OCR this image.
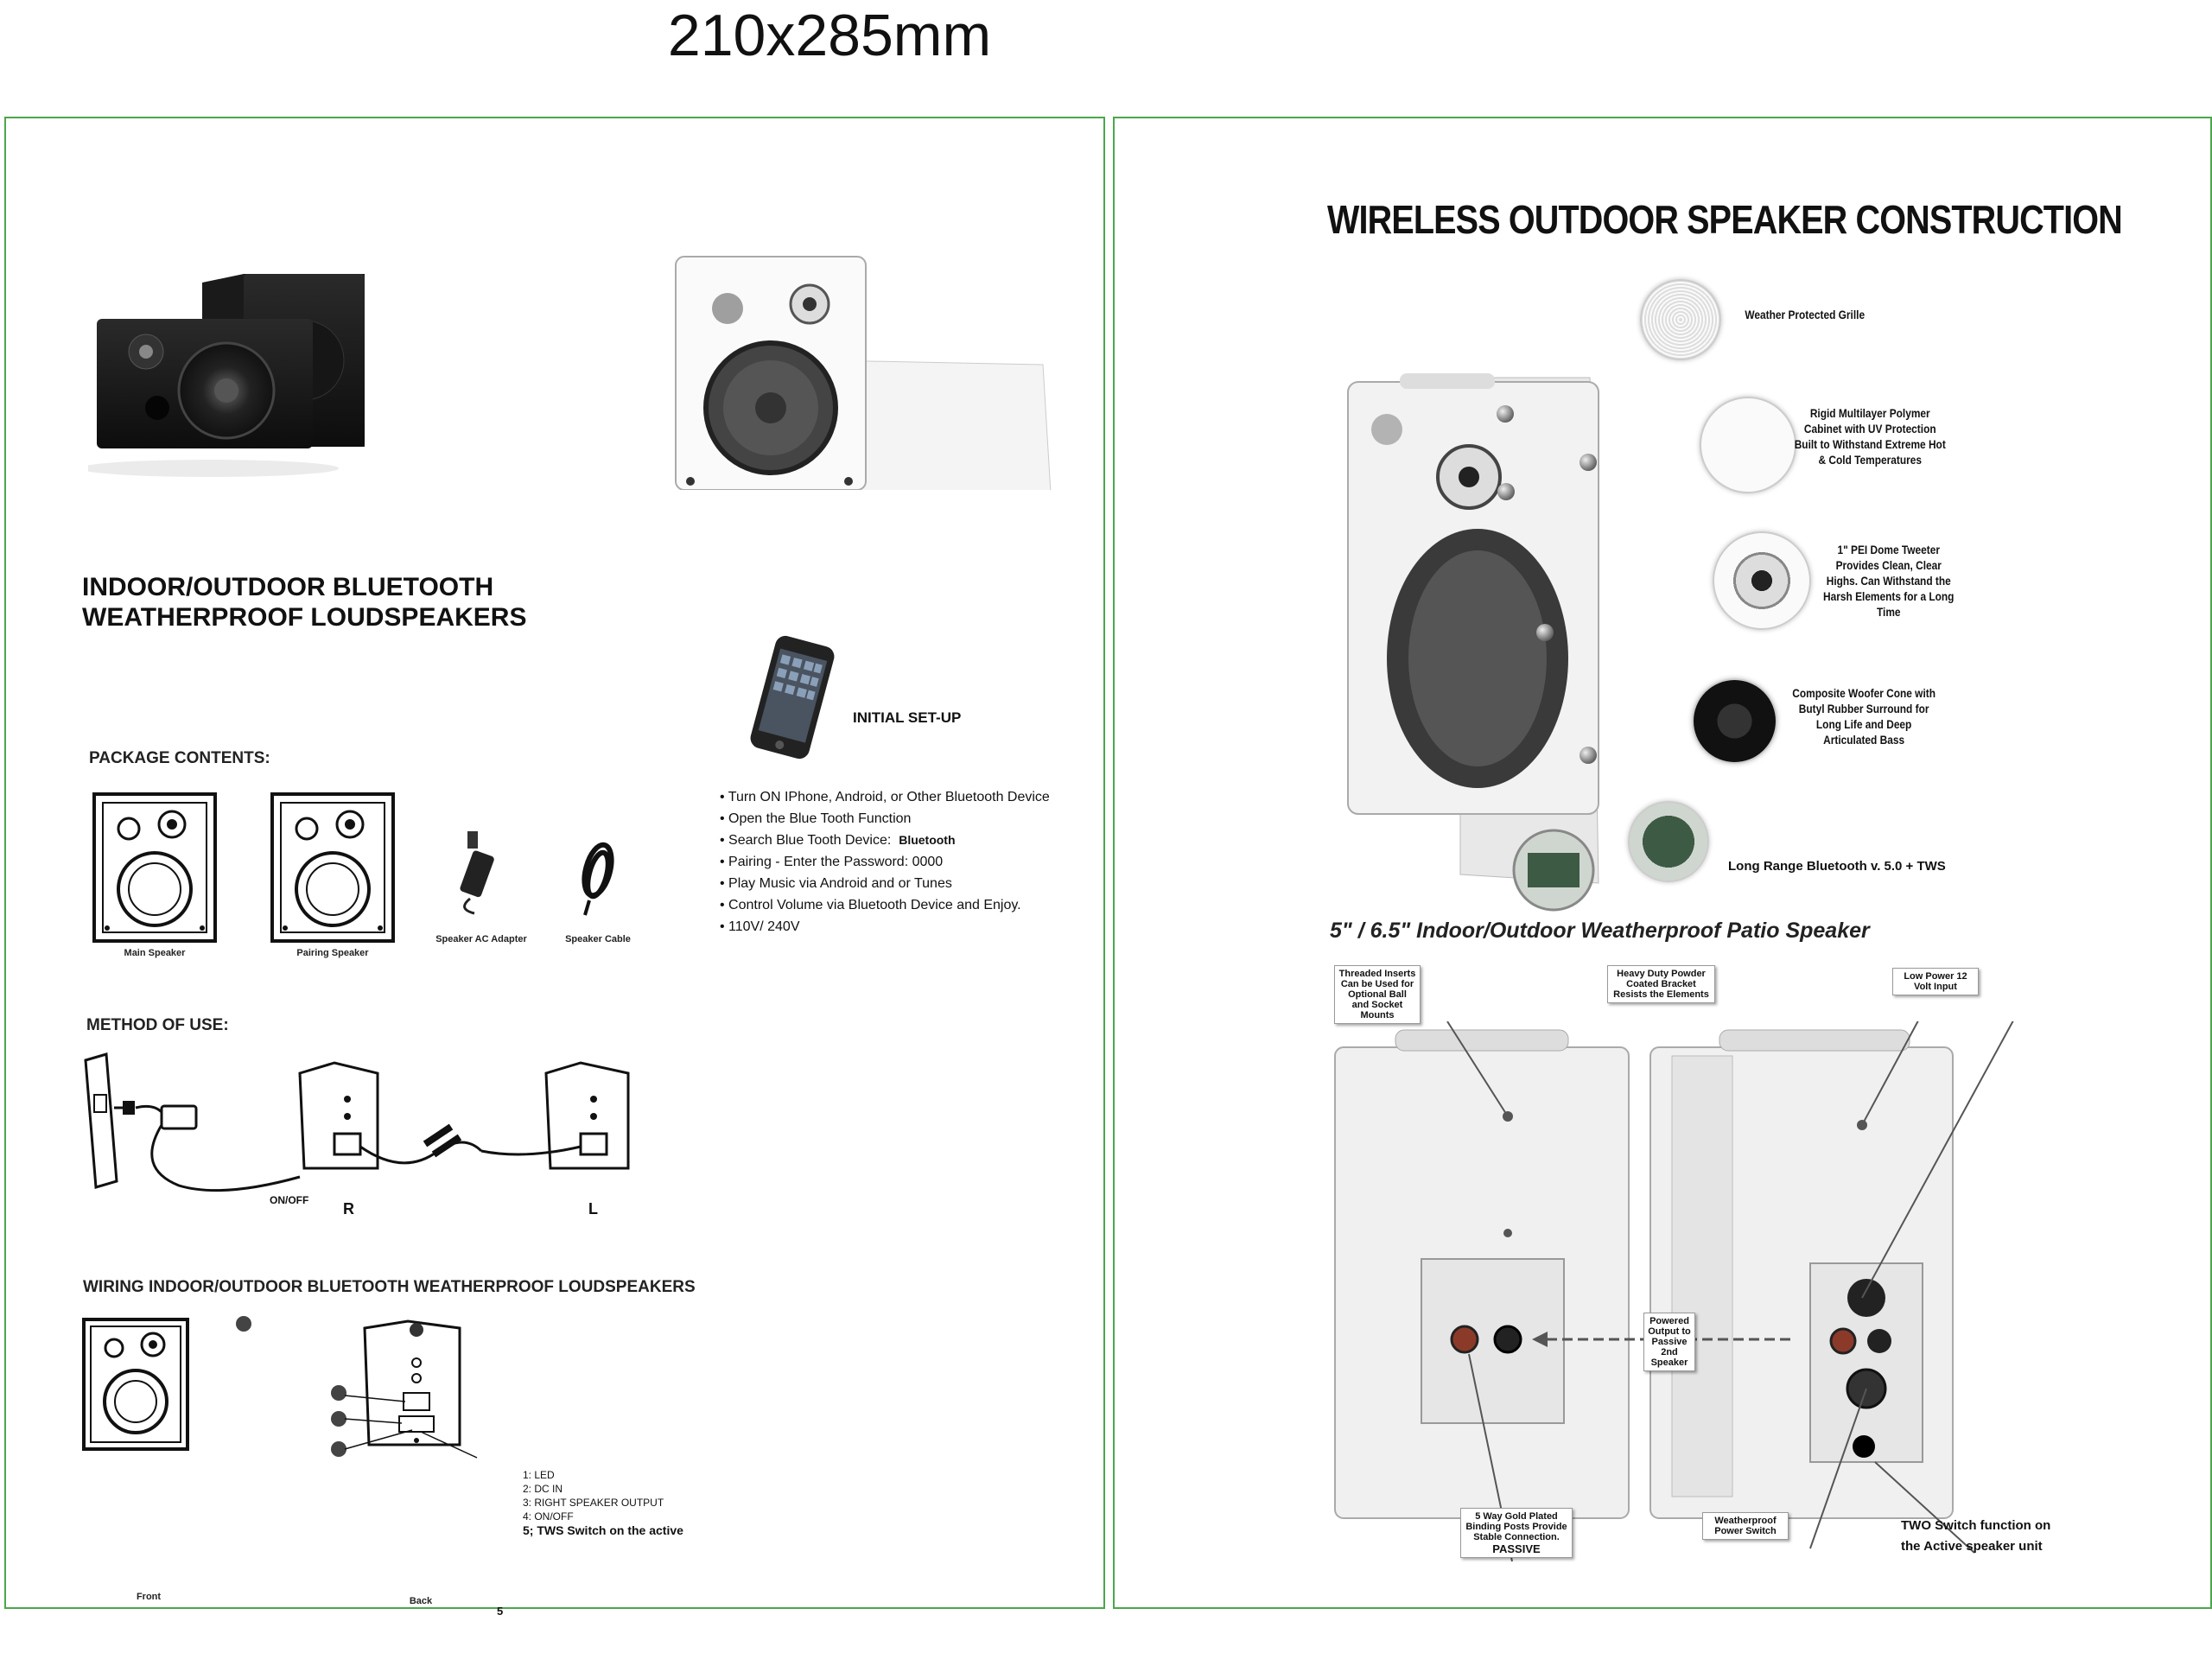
210x285mm
INDOOR/OUTDOOR BLUETOOTH
WEATHERPROOF LOUDSPEAKERS
INITIAL SET-UP
• Turn ON IPhone, Android, or Other Bluetooth Device
• Open the Blue Tooth Function
• Search Blue Tooth Device: Bluetooth
• Pairing - Enter the Password: 0000
• Play Music via Android and or Tunes
• Control Volume via Bluetooth Device and Enjoy.
• 110V/ 240V
PACKAGE CONTENTS:
Main Speaker	Pairing Speaker
Speaker AC Adapter	Speaker Cable
METHOD OF USE:
ON/OFF R	L
WIRING INDOOR/OUTDOOR BLUETOOTH WEATHERPROOF LOUDSPEAKERS
Front	Back
5
1: LED
2: DC IN
3: RIGHT SPEAKER OUTPUT
4: ON/OFF
5; TWS Switch on the active
WIRELESS OUTDOOR SPEAKER CONSTRUCTION
Weather Protected Grille
Rigid Multilayer Polymer Cabinet with UV Protection Built to Withstand Extreme Hot & Cold Temperatures
1" PEI Dome Tweeter Provides Clean, Clear Highs. Can Withstand the Harsh Elements for a Long Time
Composite Woofer Cone with Butyl Rubber Surround for Long Life and Deep Articulated Bass
Long Range Bluetooth v. 5.0 + TWS
5" / 6.5" Indoor/Outdoor Weatherproof Patio Speaker
Threaded Inserts Can be Used for Optional Ball and Socket Mounts
Heavy Duty Powder Coated Bracket Resists the Elements
Low Power 12 Volt Input
Powered Output to Passive 2nd Speaker
5 Way Gold Plated Binding Posts Provide Stable Connection.
PASSIVE
Weatherproof Power Switch	TWO Switch function on
the Active speaker unit
